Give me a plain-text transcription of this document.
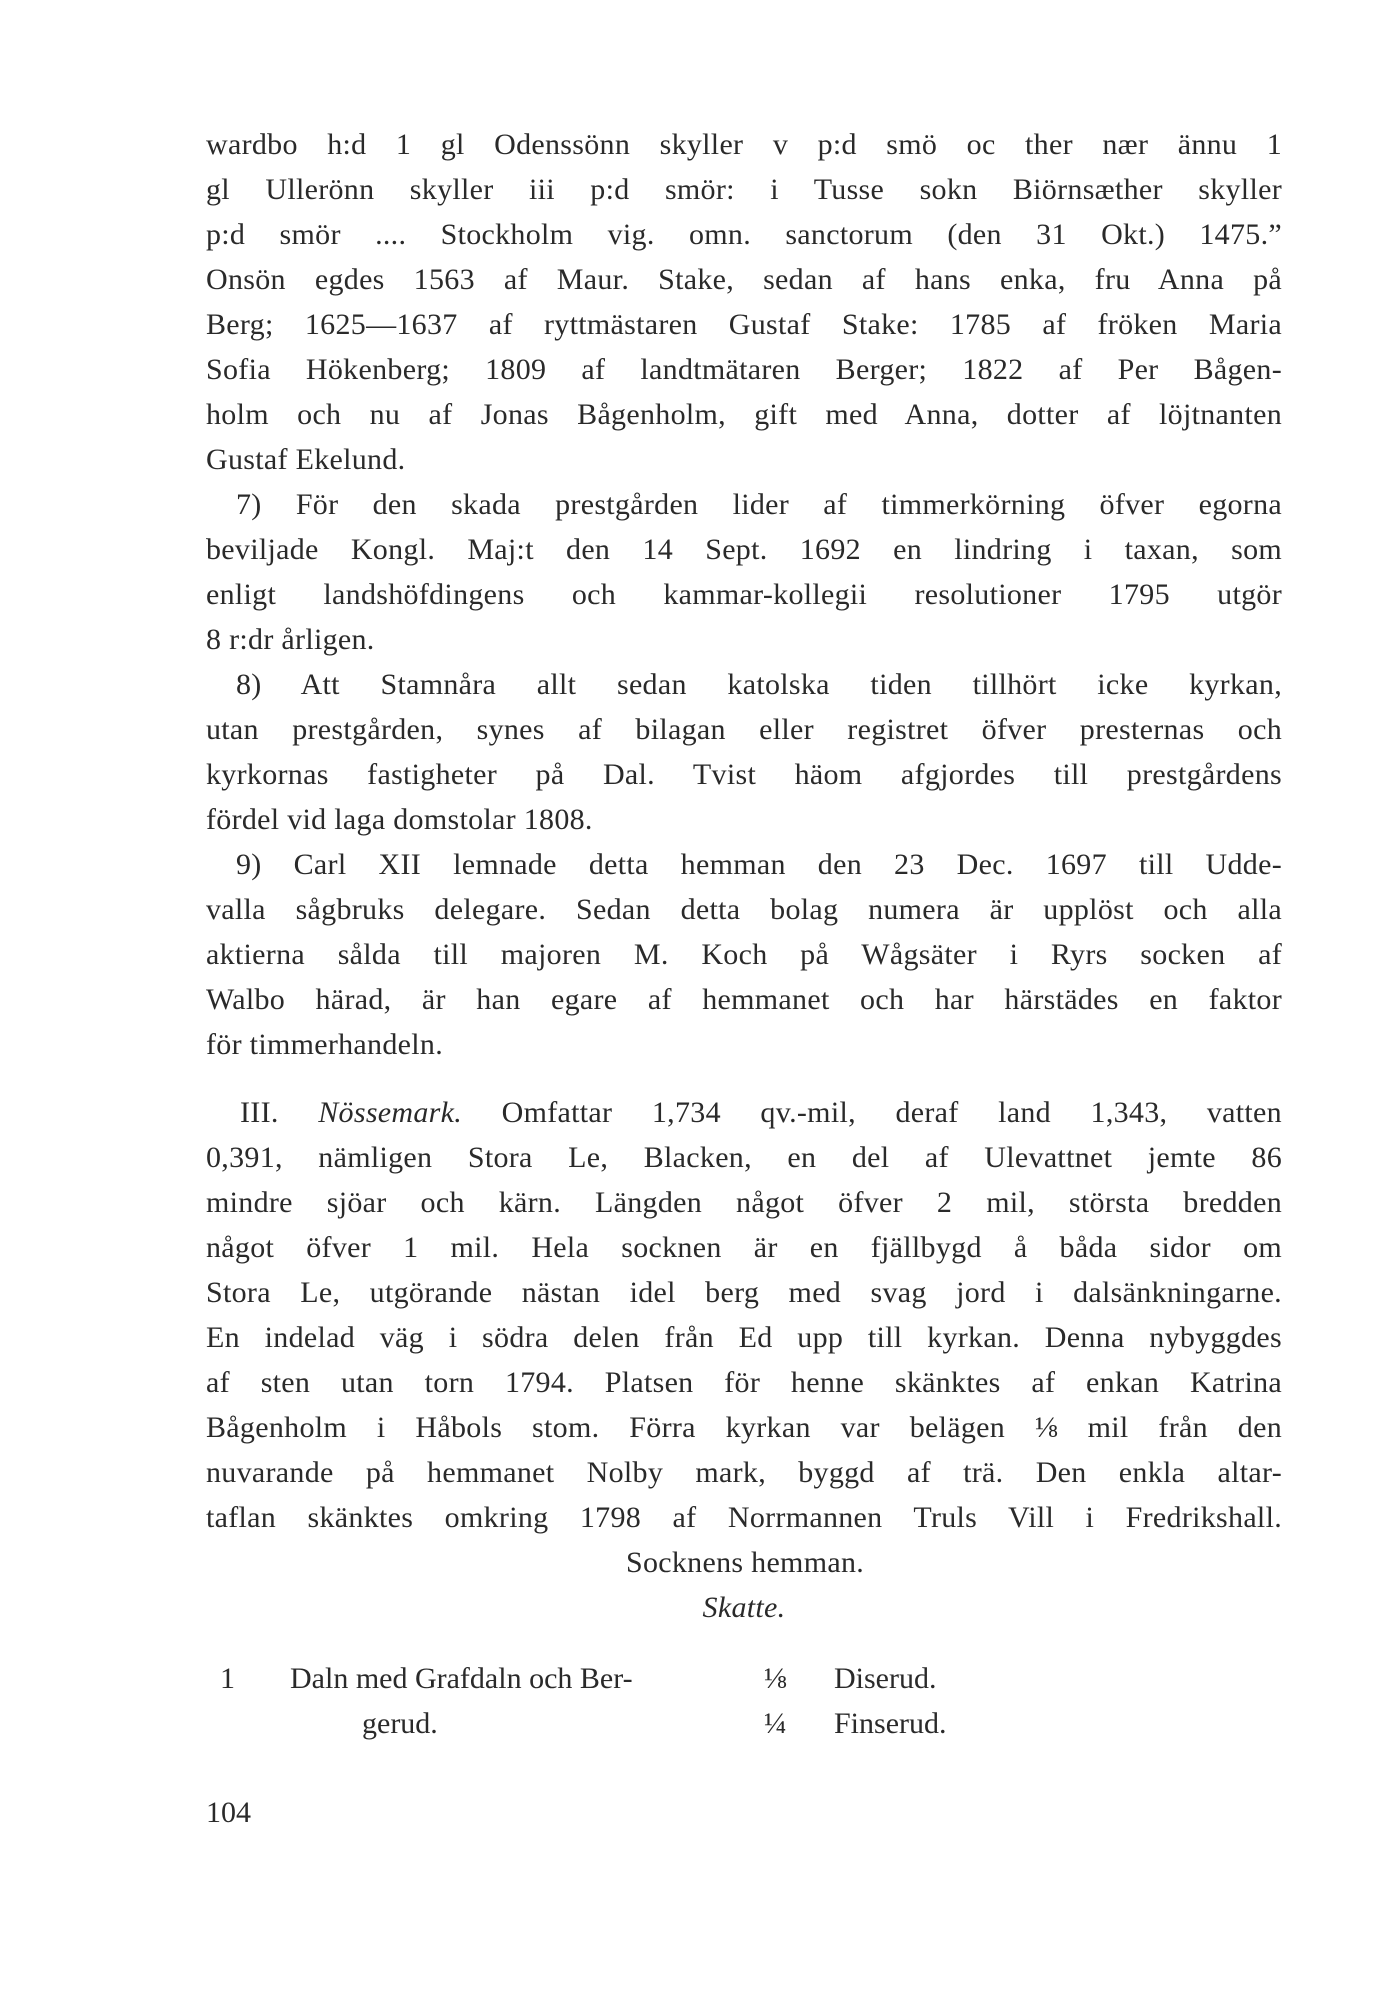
wardbo h:d 1 gl Odenssönn skyller v p:d smö oc ther nær ännu 1
gl Ullerönn skyller iii p:d smör: i Tusse sokn Biörnsæther skyller
p:d smör .... Stockholm vig. omn. sanctorum (den 31 Okt.) 1475.”
Onsön egdes 1563 af Maur. Stake, sedan af hans enka, fru Anna på
Berg; 1625—1637 af ryttmästaren Gustaf Stake: 1785 af fröken Maria
Sofia Hökenberg; 1809 af landtmätaren Berger; 1822 af Per Bågen-
holm och nu af Jonas Bågenholm, gift med Anna, dotter af löjtnanten
Gustaf Ekelund.
7) För den skada prestgården lider af timmerkörning öfver egorna
beviljade Kongl. Maj:t den 14 Sept. 1692 en lindring i taxan, som
enligt landshöfdingens och kammar-kollegii resolutioner 1795 utgör
8 r:dr årligen.
8) Att Stamnåra allt sedan katolska tiden tillhört icke kyrkan,
utan prestgården, synes af bilagan eller registret öfver presternas och
kyrkornas fastigheter på Dal. Tvist häom afgjordes till prestgårdens
fördel vid laga domstolar 1808.
9) Carl XII lemnade detta hemman den 23 Dec. 1697 till Udde-
valla sågbruks delegare. Sedan detta bolag numera är upplöst och alla
aktierna sålda till majoren M. Koch på Wågsäter i Ryrs socken af
Walbo härad, är han egare af hemmanet och har härstädes en faktor
för timmerhandeln.
III. Nössemark. Omfattar 1,734 qv.-mil, deraf land 1,343, vatten
0,391, nämligen Stora Le, Blacken, en del af Ulevattnet jemte 86
mindre sjöar och kärn. Längden något öfver 2 mil, största bredden
något öfver 1 mil. Hela socknen är en fjällbygd å båda sidor om
Stora Le, utgörande nästan idel berg med svag jord i dalsänkningarne.
En indelad väg i södra delen från Ed upp till kyrkan. Denna nybyggdes
af sten utan torn 1794. Platsen för henne skänktes af enkan Katrina
Bågenholm i Håbols stom. Förra kyrkan var belägen ⅛ mil från den
nuvarande på hemmanet Nolby mark, byggd af trä. Den enkla altar-
taflan skänktes omkring 1798 af Norrmannen Truls Vill i Fredrikshall.
Socknens hemman.
Skatte.
1 Daln med Grafdaln och Ber-	⅛ Diserud.
gerud.	¼ Finserud.
104
